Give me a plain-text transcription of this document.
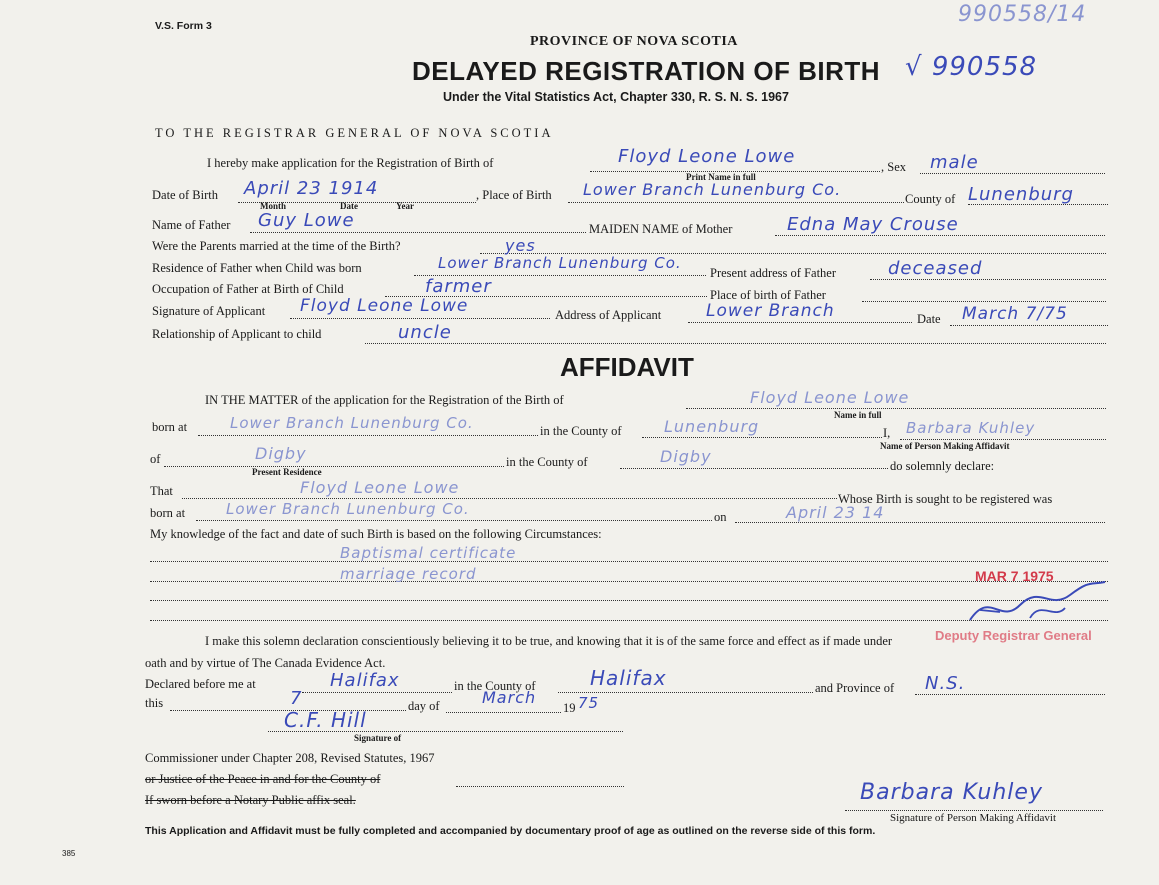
V.S. Form 3	990558/14
√ 990558
PROVINCE OF NOVA SCOTIA
DELAYED REGISTRATION OF BIRTH
Under the Vital Statistics Act, Chapter 330, R. S. N. S. 1967
TO THE REGISTRAR GENERAL OF NOVA SCOTIA
I hereby make application for the Registration of Birth of	Floyd Leone Lowe	, Sex male
Print Name in full
Date of Birth April 23 1914
Month	Date	Year
, Place of Birth Lower Branch Lunenburg Co.	County of Lunenburg
Name of Father Guy Lowe	MAIDEN NAME of Mother	Edna May Crouse
Were the Parents married at the time of the Birth?	yes
Residence of Father when Child was born	Lower Branch Lunenburg Co.
Present address of Father	deceased
Occupation of Father at Birth of Child	farmer	Place of birth of Father
Signature of Applicant Floyd Leone Lowe	Address of Applicant	Lower Branch	Date March 7/75
Relationship of Applicant to child	uncle
AFFIDAVIT
IN THE MATTER of the application for the Registration of the Birth of	Floyd Leone Lowe
Name in full
born at	Lower Branch Lunenburg Co.	in the County of	Lunenburg	I, Barbara Kuhley
Name of Person Making Affidavit
of	Digby
Present Residence
in the County of	Digby	do solemnly declare:
That	Floyd Leone Lowe
Whose Birth is sought to be registered was
born at	Lower Branch Lunenburg Co.	on	April 23 14
My knowledge of the fact and date of such Birth is based on the following Circumstances:
Baptismal certificate
marriage record	MAR 7 1975
Deputy Registrar General
I make this solemn declaration conscientiously believing it to be true, and knowing that it is of the same force and effect as if made under
oath and by virtue of The Canada Evidence Act.
Declared before me at	Halifax	in the County of	Halifax	and Province of N.S.
this	7	day of	March
19 75
C.F. Hill
Signature of
Commissioner under Chapter 208, Revised Statutes, 1967
or Justice of the Peace in and for the County of
If sworn before a Notary Public affix seal.	Barbara Kuhley
Signature of Person Making Affidavit
This Application and Affidavit must be fully completed and accompanied by documentary proof of age as outlined on the reverse side of this form.
385
